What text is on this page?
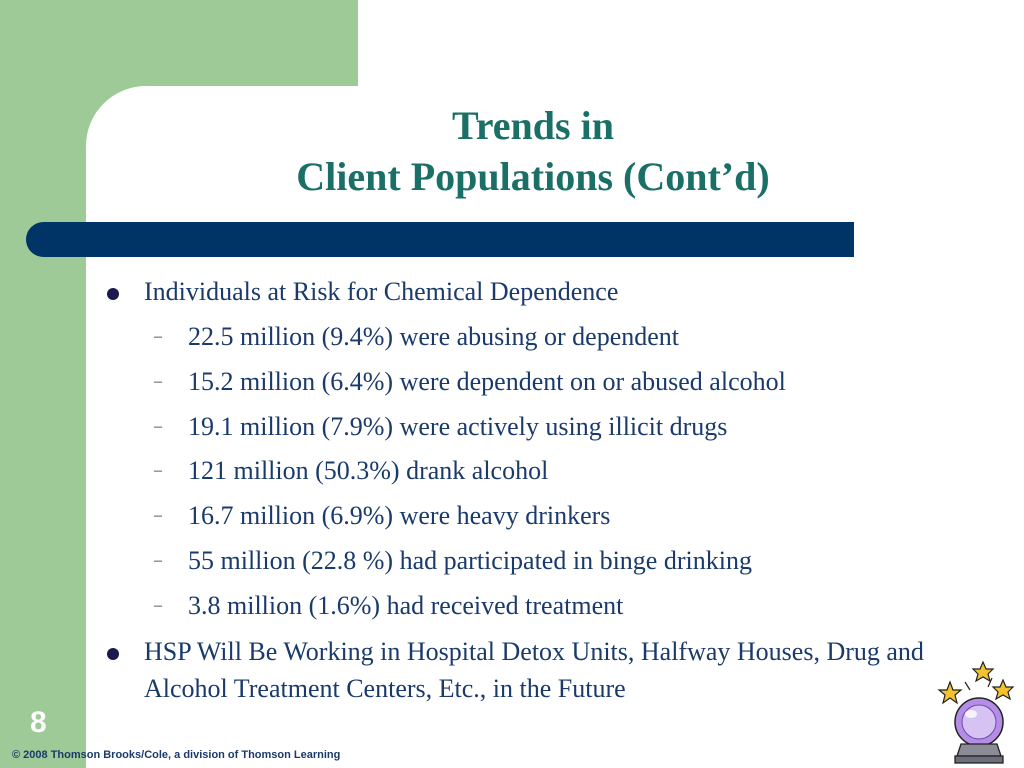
Trends in
Client Populations (Cont’d)
Individuals at Risk for Chemical Dependence
– 22.5 million (9.4%) were abusing or dependent
– 15.2 million (6.4%) were dependent on or abused alcohol
– 19.1 million (7.9%) were actively using illicit drugs
– 121 million (50.3%) drank alcohol
– 16.7 million (6.9%) were heavy drinkers
– 55 million (22.8 %) had participated in binge drinking
– 3.8 million (1.6%) had received treatment
HSP Will Be Working in Hospital Detox Units, Halfway Houses, Drug and Alcohol Treatment Centers, Etc., in the Future
8
© 2008 Thomson Brooks/Cole, a division of Thomson Learning
